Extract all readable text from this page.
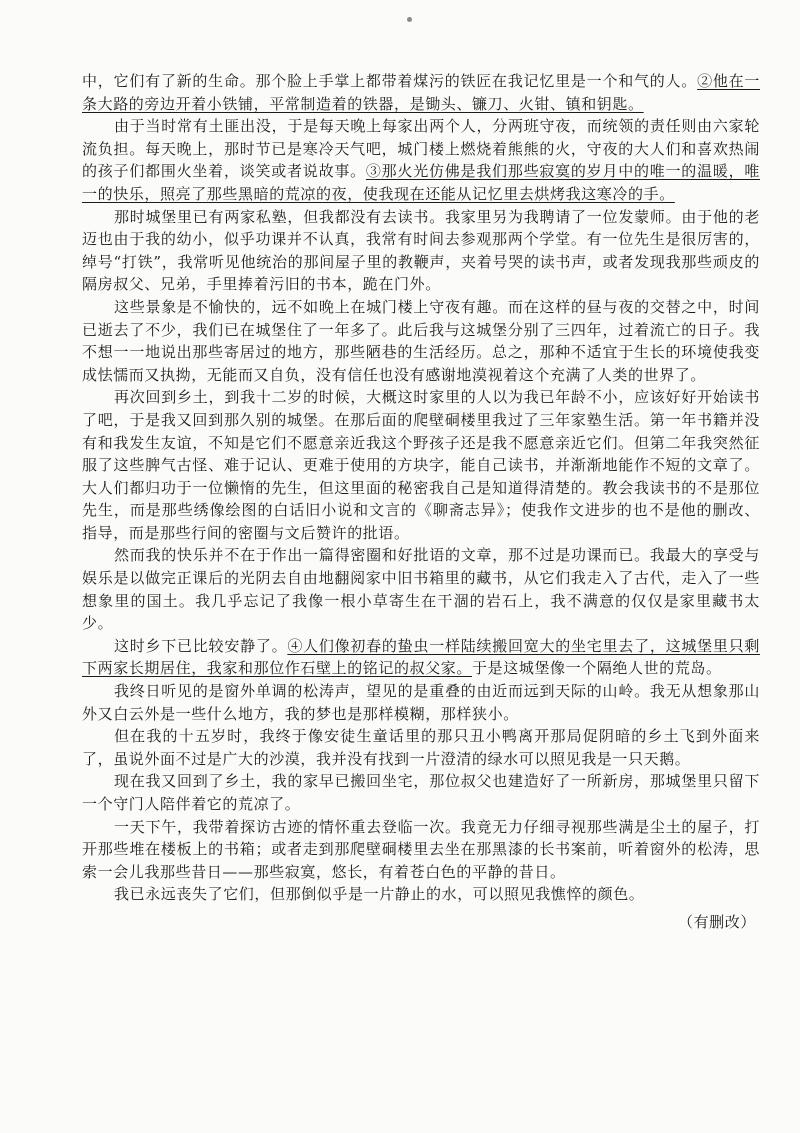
中，它们有了新的生命。那个脸上手掌上都带着煤污的铁匠在我记忆里是一个和气的人。②他在一条大路的旁边开着小铁铺，平常制造着的铁器，是锄头、镰刀、火钳、镇和钥匙。

由于当时常有土匪出没，于是每天晚上每家出两个人，分两班守夜，而统领的责任则由六家轮流负担。每天晚上，那时节已是寒冷天气吧，城门楼上燃烧着熊熊的火，守夜的大人们和喜欢热闹的孩子们都围火坐着，谈笑或者说故事。③那火光仿佛是我们那些寂寞的岁月中的唯一的温暖，唯一的快乐，照亮了那些黑暗的荒凉的夜，使我现在还能从记忆里去烘烤我这寒冷的手。

那时城堡里已有两家私塾，但我都没有去读书。我家里另为我聘请了一位发蒙师。由于他的老迈也由于我的幼小，似乎功课并不认真，我常有时间去参观那两个学堂。有一位先生是很厉害的，绰号“打铁”，我常听见他统治的那间屋子里的教鞭声，夹着号哭的读书声，或者发现我那些顽皮的隔房叔父、兄弟，手里捧着污旧的书本，跪在门外。

这些景象是不愉快的，远不如晚上在城门楼上守夜有趣。而在这样的昼与夜的交替之中，时间已逝去了不少，我们已在城堡住了一年多了。此后我与这城堡分别了三四年，过着流亡的日子。我不想一一地说出那些寄居过的地方，那些陋巷的生活经历。总之，那种不适宜于生长的环境使我变成怯懦而又执拗，无能而又自负，没有信任也没有感谢地漠视着这个充满了人类的世界了。

再次回到乡土，到我十二岁的时候，大概这时家里的人以为我已年龄不小，应该好好开始读书了吧，于是我又回到那久别的城堡。在那后面的爬壁硐楼里我过了三年家塾生活。第一年书籍并没有和我发生友谊，不知是它们不愿意亲近我这个野孩子还是我不愿意亲近它们。但第二年我突然征服了这些脾气古怪、难于记认、更难于使用的方块字，能自己读书，并渐渐地能作不短的文章了。大人们都归功于一位懒惰的先生，但这里面的秘密我自己是知道得清楚的。教会我读书的不是那位先生，而是那些绣像绘图的白话旧小说和文言的《聊斋志异》；使我作文进步的也不是他的删改、指导，而是那些行间的密圈与文后赞许的批语。

然而我的快乐并不在于作出一篇得密圈和好批语的文章，那不过是功课而已。我最大的享受与娱乐是以做完正课后的光阴去自由地翻阅家中旧书箱里的藏书，从它们我走入了古代，走入了一些想象里的国土。我几乎忘记了我像一根小草寄生在干涸的岩石上，我不满意的仅仅是家里藏书太少。

这时乡下已比较安静了。④人们像初春的蛰虫一样陆续搬回宽大的坐宅里去了，这城堡里只剩下两家长期居住，我家和那位作石壁上的铭记的叔父家。于是这城堡像一个隔绝人世的荒岛。

我终日听见的是窗外单调的松涛声，望见的是重叠的由近而远到天际的山岭。我无从想象那山外又白云外是一些什么地方，我的梦也是那样模糊，那样狭小。

但在我的十五岁时，我终于像安徒生童话里的那只丑小鸭离开那局促阴暗的乡土飞到外面来了，虽说外面不过是广大的沙漠，我并没有找到一片澄清的绿水可以照见我是一只天鹅。

现在我又回到了乡土，我的家早已搬回坐宅，那位叔父也建造好了一所新房，那城堡里只留下一个守门人陪伴着它的荒凉了。

一天下午，我带着探访古迹的情怀重去登临一次。我竟无力仔细寻视那些满是尘土的屋子，打开那些堆在楼板上的书箱；或者走到那爬壁硐楼里去坐在那黑漆的长书案前，听着窗外的松涛，思索一会儿我那些昔日——那些寂寞，悠长，有着苍白色的平静的昔日。

我已永远丧失了它们，但那倒似乎是一片静止的水，可以照见我憔悴的颜色。

（有删改）
